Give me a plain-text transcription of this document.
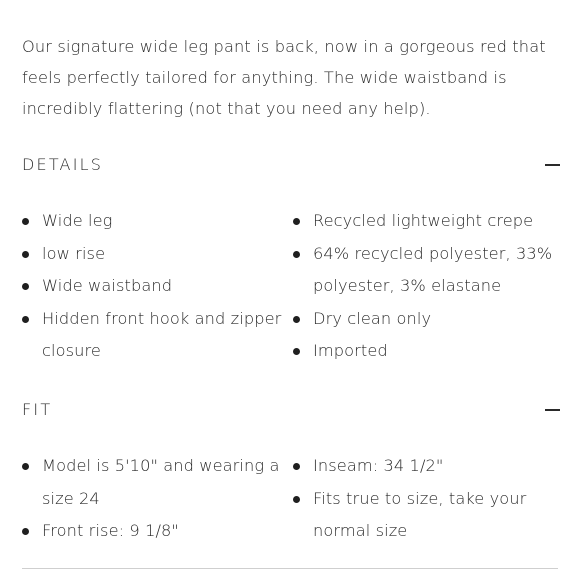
Our signature wide leg pant is back, now in a gorgeous red that feels perfectly tailored for anything. The wide waistband is incredibly flattering (not that you need any help).

DETAILS
Wide leg
low rise
Wide waistband
Hidden front hook and zipper closure
Recycled lightweight crepe
64% recycled polyester, 33% polyester, 3% elastane
Dry clean only
Imported
FIT
Model is 5'10" and wearing a size 24
Front rise: 9 1/8"
Inseam: 34 1/2"
Fits true to size, take your normal size
